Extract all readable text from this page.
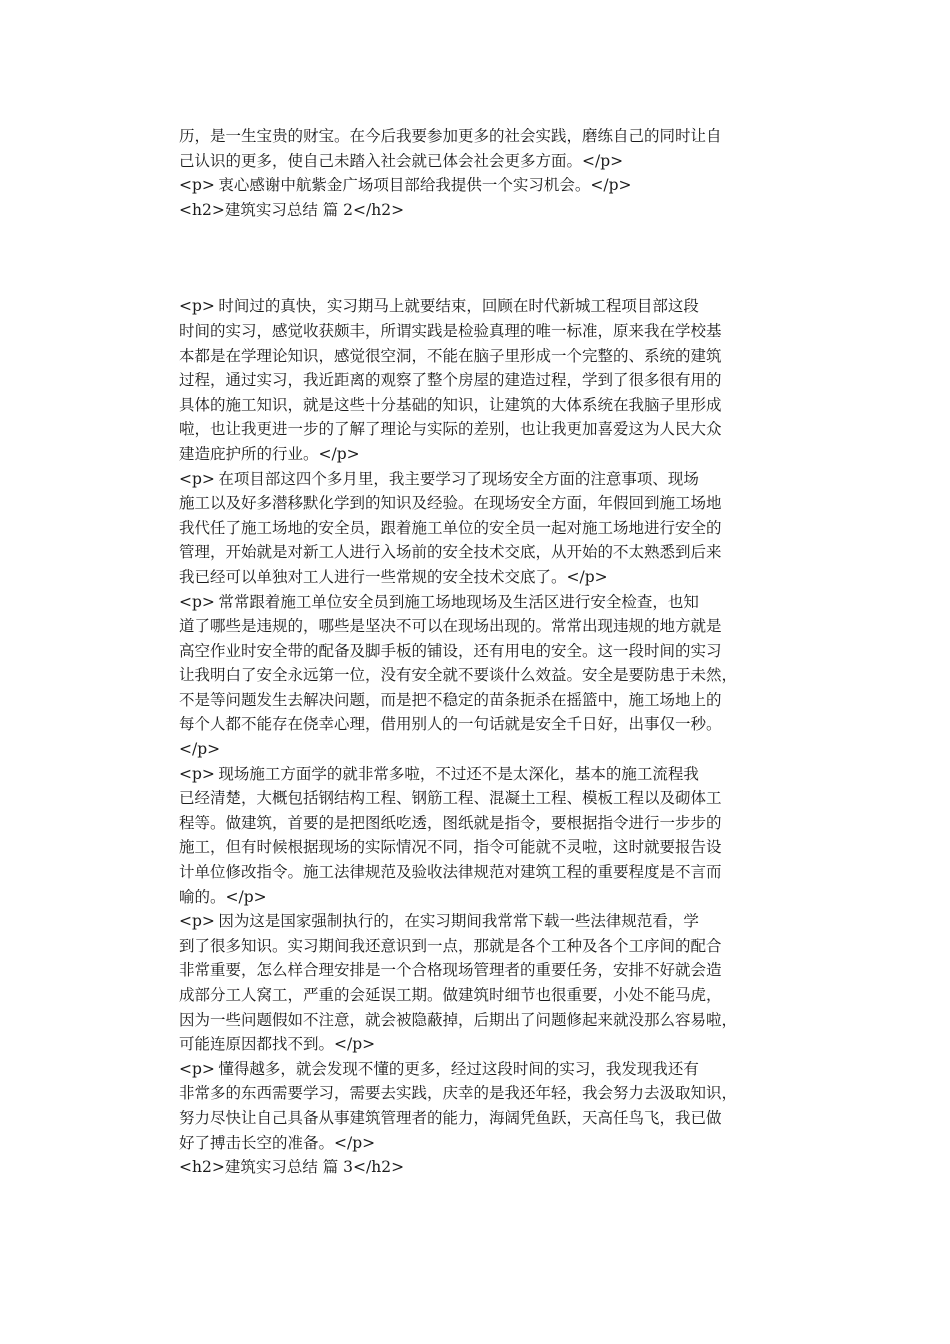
历，是一生宝贵的财宝。在今后我要参加更多的社会实践，磨练自己的同时让自
己认识的更多，使自己未踏入社会就已体会社会更多方面。</p>
<p>	衷心感谢中航紫金广场项目部给我提供一个实习机会。</p>
<h2>建筑实习总结 篇 2</h2>
<p>	时间过的真快，实习期马上就要结束，回顾在时代新城工程项目部这段
时间的实习，感觉收获颇丰，所谓实践是检验真理的唯一标准，原来我在学校基
本都是在学理论知识，感觉很空洞，不能在脑子里形成一个完整的、系统的建筑
过程，通过实习，我近距离的观察了整个房屋的建造过程，学到了很多很有用的
具体的施工知识，就是这些十分基础的知识，让建筑的大体系统在我脑子里形成
啦，也让我更进一步的了解了理论与实际的差别，也让我更加喜爱这为人民大众
建造庇护所的行业。</p>
<p>	在项目部这四个多月里，我主要学习了现场安全方面的注意事项、现场
施工以及好多潜移默化学到的知识及经验。在现场安全方面，年假回到施工场地
我代任了施工场地的安全员，跟着施工单位的安全员一起对施工场地进行安全的
管理，开始就是对新工人进行入场前的安全技术交底，从开始的不太熟悉到后来
我已经可以单独对工人进行一些常规的安全技术交底了。</p>
<p>	常常跟着施工单位安全员到施工场地现场及生活区进行安全检查，也知
道了哪些是违规的，哪些是坚决不可以在现场出现的。常常出现违规的地方就是
高空作业时安全带的配备及脚手板的铺设，还有用电的安全。这一段时间的实习
让我明白了安全永远第一位，没有安全就不要谈什么效益。安全是要防患于未然，
不是等问题发生去解决问题，而是把不稳定的苗条扼杀在摇篮中，施工场地上的
每个人都不能存在侥幸心理，借用别人的一句话就是安全千日好，出事仅一秒。
</p>
<p>	现场施工方面学的就非常多啦，不过还不是太深化，基本的施工流程我
已经清楚，大概包括钢结构工程、钢筋工程、混凝土工程、模板工程以及砌体工
程等。做建筑，首要的是把图纸吃透，图纸就是指令，要根据指令进行一步步的
施工，但有时候根据现场的实际情况不同，指令可能就不灵啦，这时就要报告设
计单位修改指令。施工法律规范及验收法律规范对建筑工程的重要程度是不言而
喻的。</p>
<p>	因为这是国家强制执行的，在实习期间我常常下载一些法律规范看，学
到了很多知识。实习期间我还意识到一点，那就是各个工种及各个工序间的配合
非常重要，怎么样合理安排是一个合格现场管理者的重要任务，安排不好就会造
成部分工人窝工，严重的会延误工期。做建筑时细节也很重要，小处不能马虎，
因为一些问题假如不注意，就会被隐蔽掉，后期出了问题修起来就没那么容易啦，
可能连原因都找不到。</p>
<p>	懂得越多，就会发现不懂的更多，经过这段时间的实习，我发现我还有
非常多的东西需要学习，需要去实践，庆幸的是我还年轻，我会努力去汲取知识，
努力尽快让自己具备从事建筑管理者的能力，海阔凭鱼跃，天高任鸟飞，我已做
好了搏击长空的准备。</p>
<h2>建筑实习总结 篇 3</h2>
